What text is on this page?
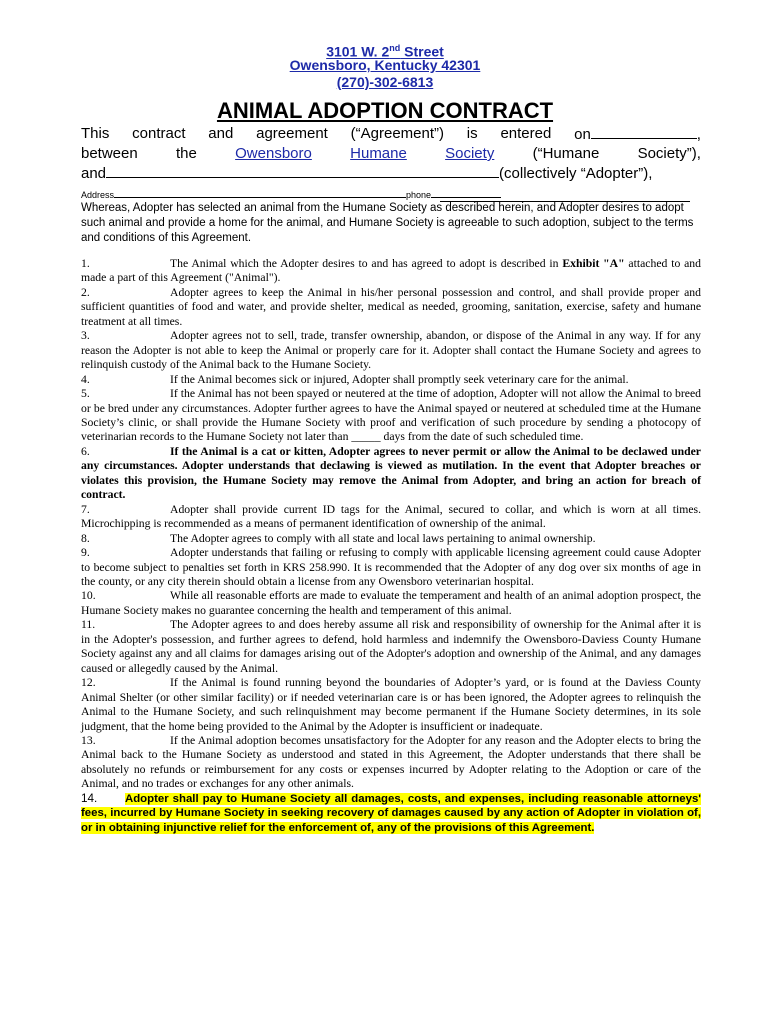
3101 W. 2nd Street
Owensboro, Kentucky 42301
(270)-302-6813
ANIMAL ADOPTION CONTRACT
This contract and agreement (“Agreement”) is entered on	,
between	the	Owensboro	Humane	Society	(“Humane	Society”),
and	(collectively “Adopter”),
Address	phone
Whereas, Adopter has selected an animal from the Humane Society as described herein, and Adopter desires to adopt such animal and provide a home for the animal, and Humane Society is agreeable to such adoption, subject to the terms and conditions of this Agreement.

1.	The Animal which the Adopter desires to and has agreed to adopt is described in Exhibit "A" attached to and made a part of this Agreement ("Animal").

2.	Adopter agrees to keep the Animal in his/her personal possession and control, and shall provide proper and sufficient quantities of food and water, and provide shelter, medical as needed, grooming, sanitation, exercise, safety and humane treatment at all times.

3.	Adopter agrees not to sell, trade, transfer ownership, abandon, or dispose of the Animal in any way. If for any reason the Adopter is not able to keep the Animal or properly care for it. Adopter shall contact the Humane Society and agrees to relinquish custody of the Animal back to the Humane Society.

4.	If the Animal becomes sick or injured, Adopter shall promptly seek veterinary care for the animal.

5.	If the Animal has not been spayed or neutered at the time of adoption, Adopter will not allow the Animal to breed or be bred under any circumstances. Adopter further agrees to have the Animal spayed or neutered at scheduled time at the Humane Society’s clinic, or shall provide the Humane Society with proof and verification of such procedure by sending a photocopy of veterinarian records to the Humane Society not later than _____ days from the date of such scheduled time.

6.	If the Animal is a cat or kitten, Adopter agrees to never permit or allow the Animal to be declawed under any circumstances. Adopter understands that declawing is viewed as mutilation. In the event that Adopter breaches or violates this provision, the Humane Society may remove the Animal from Adopter, and bring an action for breach of contract.

7.	Adopter shall provide current ID tags for the Animal, secured to collar, and which is worn at all times. Microchipping is recommended as a means of permanent identification of ownership of the animal.

8.	The Adopter agrees to comply with all state and local laws pertaining to animal ownership.

9.	Adopter understands that failing or refusing to comply with applicable licensing agreement could cause Adopter to become subject to penalties set forth in KRS 258.990. It is recommended that the Adopter of any dog over six months of age in the county, or any city therein should obtain a license from any Owensboro veterinarian hospital.

10.	While all reasonable efforts are made to evaluate the temperament and health of an animal adoption prospect, the Humane Society makes no guarantee concerning the health and temperament of this animal.

11.	The Adopter agrees to and does hereby assume all risk and responsibility of ownership for the Animal after it is in the Adopter's possession, and further agrees to defend, hold harmless and indemnify the Owensboro-Daviess County Humane Society against any and all claims for damages arising out of the Adopter's adoption and ownership of the Animal, and any damages caused or allegedly caused by the Animal.

12.	If the Animal is found running beyond the boundaries of Adopter’s yard, or is found at the Daviess County Animal Shelter (or other similar facility) or if needed veterinarian care is or has been ignored, the Adopter agrees to relinquish the Animal to the Humane Society, and such relinquishment may become permanent if the Humane Society determines, in its sole judgment, that the home being provided to the Animal by the Adopter is insufficient or inadequate.

13.	If the Animal adoption becomes unsatisfactory for the Adopter for any reason and the Adopter elects to bring the Animal back to the Humane Society as understood and stated in this Agreement, the Adopter understands that there shall be absolutely no refunds or reimbursement for any costs or expenses incurred by Adopter relating to the Adoption or care of the Animal, and no trades or exchanges for any other animals.

14. Adopter shall pay to Humane Society all damages, costs, and expenses, including reasonable attorneys' fees, incurred by Humane Society in seeking recovery of damages caused by any action of Adopter in violation of, or in obtaining injunctive relief for the enforcement of, any of the provisions of this Agreement.
